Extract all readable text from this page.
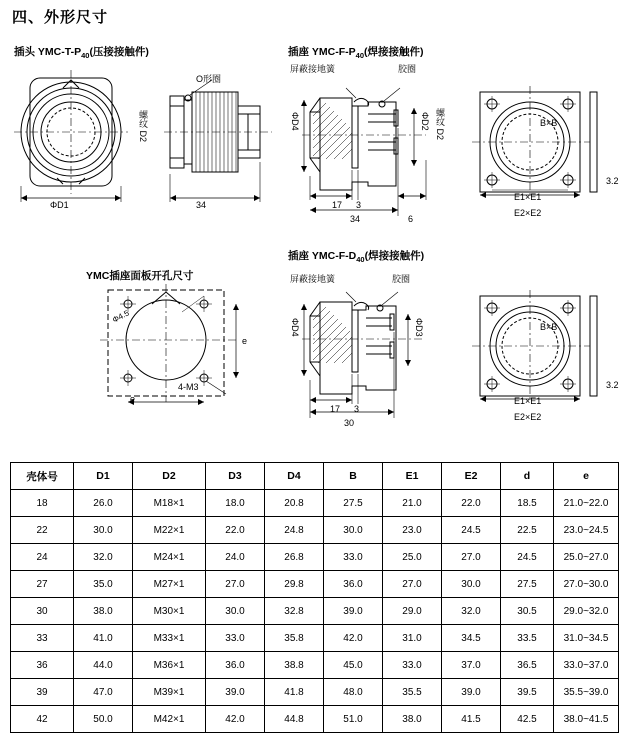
四、外形尺寸
插头 YMC-$T-P_{40}$(压接接触件)	插座 YMC-$F-P_{40}$(焊接接触件)
插座 YMC-$F-D_{40}$(焊接接触件)
YMC插座面板开孔尺寸
ΦD1
O形圈
34
螺纹 D2
屏蔽接地簧	胶圈
ΦD4	ΦD2 螺纹 D2
17 3
34	6
B×B
E1×E1
E2×E2
3.2
Φ4.5
e
e
4-M3
屏蔽接地簧	胶圈
ΦD4	ΦD3
17 3
30
B×B
E1×E1
E2×E2
3.2
壳体号	D1	D2	D3	D4	B	E1	E2	d	e
18	26.0	M18×1	18.0	20.8	27.5	21.0	22.0	18.5	21.0~22.0
22	30.0	M22×1	22.0	24.8	30.0	23.0	24.5	22.5	23.0~24.5
24	32.0	M24×1	24.0	26.8	33.0	25.0	27.0	24.5	25.0~27.0
27	35.0	M27×1	27.0	29.8	36.0	27.0	30.0	27.5	27.0~30.0
30	38.0	M30×1	30.0	32.8	39.0	29.0	32.0	30.5	29.0~32.0
33	41.0	M33×1	33.0	35.8	42.0	31.0	34.5	33.5	31.0~34.5
36	44.0	M36×1	36.0	38.8	45.0	33.0	37.0	36.5	33.0~37.0
39	47.0	M39×1	39.0	41.8	48.0	35.5	39.0	39.5	35.5~39.0
42	50.0	M42×1	42.0	44.8	51.0	38.0	41.5	42.5	38.0~41.5
